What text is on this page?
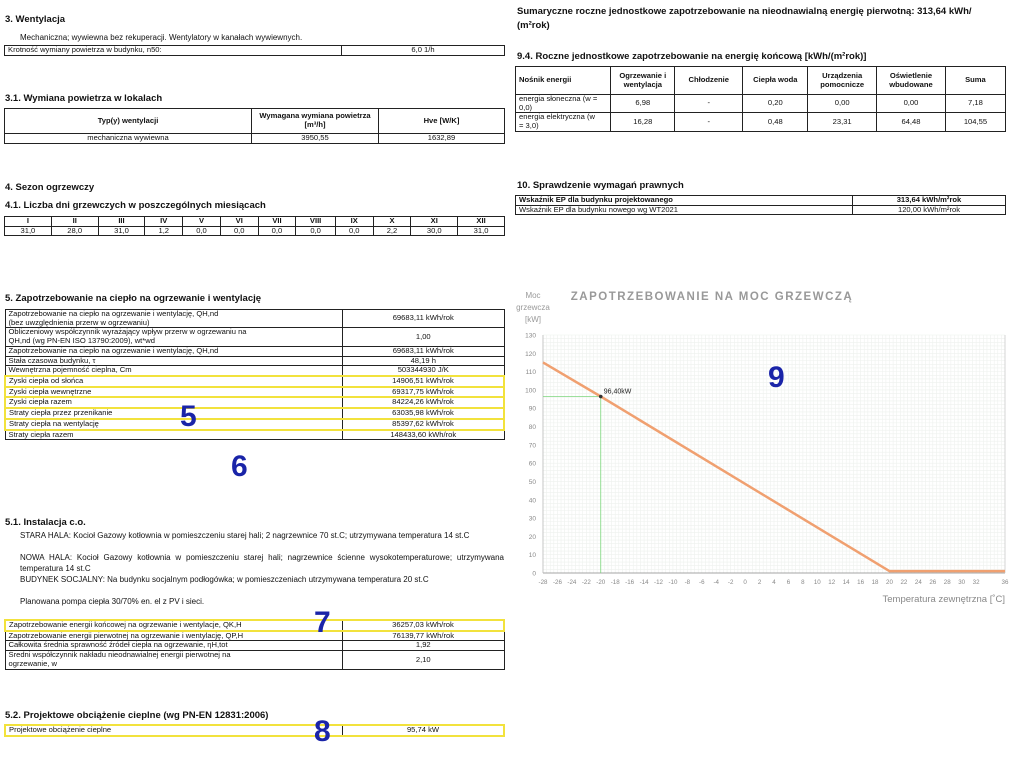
3. Wentylacja
Mechaniczna; wywiewna bez rekuperacji. Wentylatory w kanałach wywiewnych.
Krotność wymiany powietrza w budynku, n50:	6,0 1/h
3.1. Wymiana powietrza w lokalach
Typ(y) wentylacji	Wymagana wymiana powietrza [m³/h]	Hve [W/K]
mechaniczna wywiewna	3950,55	1632,89
4. Sezon ogrzewczy
4.1. Liczba dni grzewczych w poszczególnych miesiącach
I	II	III	IV	V	VI	VII	VIII	IX	X	XI	XII
31,0	28,0	31,0	1,2	0,0	0,0	0,0	0,0	0,0	2,2	30,0	31,0
5. Zapotrzebowanie na ciepło na ogrzewanie i wentylację
Zapotrzebowanie na ciepło na ogrzewanie i wentylację, QH,nd
(bez uwzględnienia przerw w ogrzewaniu)	69683,11 kWh/rok

Obliczeniowy współczynnik wyrażający wpływ przerw w ogrzewaniu na
QH,nd (wg PN-EN ISO 13790:2009), wt*wd	1,00

Zapotrzebowanie na ciepło na ogrzewanie i wentylację, QH,nd	69683,11 kWh/rok

Stała czasowa budynku, τ	48,19 h

Wewnętrzna pojemność cieplna, Cm	503344930 J/K

Zyski ciepła od słońca	14906,51 kWh/rok

Zyski ciepła wewnętrzne	69317,75 kWh/rok

Zyski ciepła razem	84224,26 kWh/rok

Straty ciepła przez przenikanie	63035,98 kWh/rok

Straty ciepła na wentylację	85397,62 kWh/rok

Straty ciepła razem	148433,60 kWh/rok
5.1. Instalacja c.o.
STARA HALA: Kocioł Gazowy kotłownia w pomieszczeniu starej hali; 2 nagrzewnice 70 st.C; utrzymywana temperatura 14 st.C
NOWA HALA: Kocioł Gazowy kotłownia w pomieszczeniu starej hali; nagrzewnice ścienne wysokotemperaturowe; utrzymywana temperatura 14 st.C
BUDYNEK SOCJALNY: Na budynku socjalnym podłogówka; w pomieszczeniach utrzymywana temperatura 20 st.C
Planowana pompa ciepła 30/70% en. el z PV i sieci.
Zapotrzebowanie energii końcowej na ogrzewanie i wentylacje, QK,H	36257,03 kWh/rok

Zapotrzebowanie energii pierwotnej na ogrzewanie i wentylację, QP,H	76139,77 kWh/rok

Całkowita średnia sprawność źródeł ciepła na ogrzewanie, ηH,tot	1,92

Średni współczynnik nakładu nieodnawialnej energii pierwotnej na
ogrzewanie, w	2,10
5.2. Projektowe obciążenie cieplne (wg PN-EN 12831:2006)
Projektowe obciążenie cieplne	95,74 kW
Sumaryczne roczne jednostkowe zapotrzebowanie na nieodnawialną energię pierwotną: 313,64 kWh/
(m²rok)
9.4. Roczne jednostkowe zapotrzebowanie na energię końcową [kWh/(m²rok)]
Nośnik energii	Ogrzewanie i wentylacja	Chłodzenie	Ciepła woda	Urządzenia pomocnicze	Oświetlenie wbudowane	Suma

energia słoneczna (w =
0,0)	6,98	-	0,20	0,00	0,00	7,18

energia elektryczna (w
= 3,0)	16,28	-	0,48	23,31	64,48	104,55
10. Sprawdzenie wymagań prawnych
Wskaźnik EP dla budynku projektowanego	313,64 kWh/m²rok
Wskaźnik EP dla budynku nowego wg WT2021	120,00 kWh/m²rok
0
10
20
30
40
50
60
70
80
90
100
110
120
130
-28 -26 -24 -22 -20 -18 -16 -14 -12 -10 -8 -6 -4 -2 0 2 4 6 8 10 12 14 16 18 20 22 24 26 28 30 32	36
ZAPOTRZEBOWANIE NA MOC GRZEWCZĄ
Moc
grzewcza
[kW]
Temperatura zewnętrzna [˚C]
96,40kW
5
6
7
8
9
